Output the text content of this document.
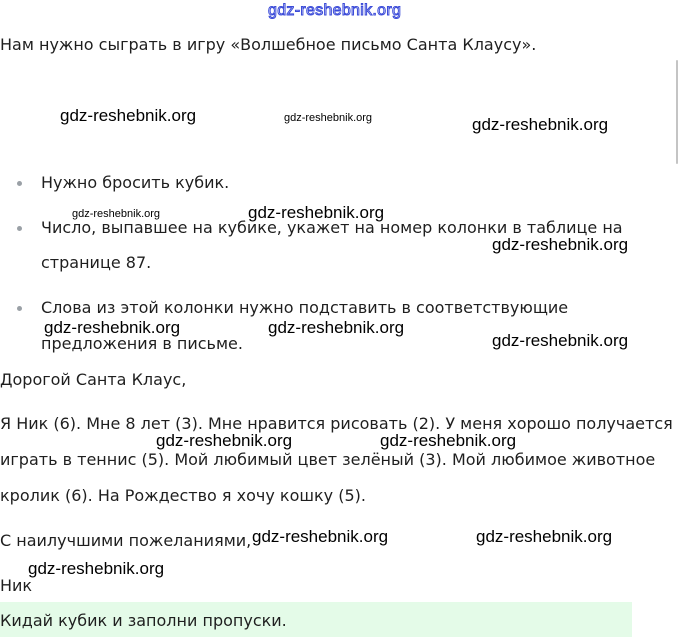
gdz-reshebnik.org
Нам нужно сыграть в игру «Волшебное письмо Санта Клаусу».
Нужно бросить кубик.
Число, выпавшее на кубике, укажет на номер колонки в таблице на
странице 87.
Слова из этой колонки нужно подставить в соответствующие
предложения в письме.
Дорогой Санта Клаус,
Я Ник (6). Мне 8 лет (3). Мне нравится рисовать (2). У меня хорошо получается
играть в теннис (5). Мой любимый цвет зелёный (3). Мой любимое животное
кролик (6). На Рождество я хочу кошку (5).
С наилучшими пожеланиями,
Ник
Кидай кубик и заполни пропуски.
gdz-reshebnik.org	gdz-reshebnik.org	gdz-reshebnik.org
gdz-reshebnik.org	gdz-reshebnik.org
gdz-reshebnik.org
gdz-reshebnik.org	gdz-reshebnik.org
gdz-reshebnik.org
gdz-reshebnik.org	gdz-reshebnik.org
gdz-reshebnik.org	gdz-reshebnik.org
gdz-reshebnik.org
